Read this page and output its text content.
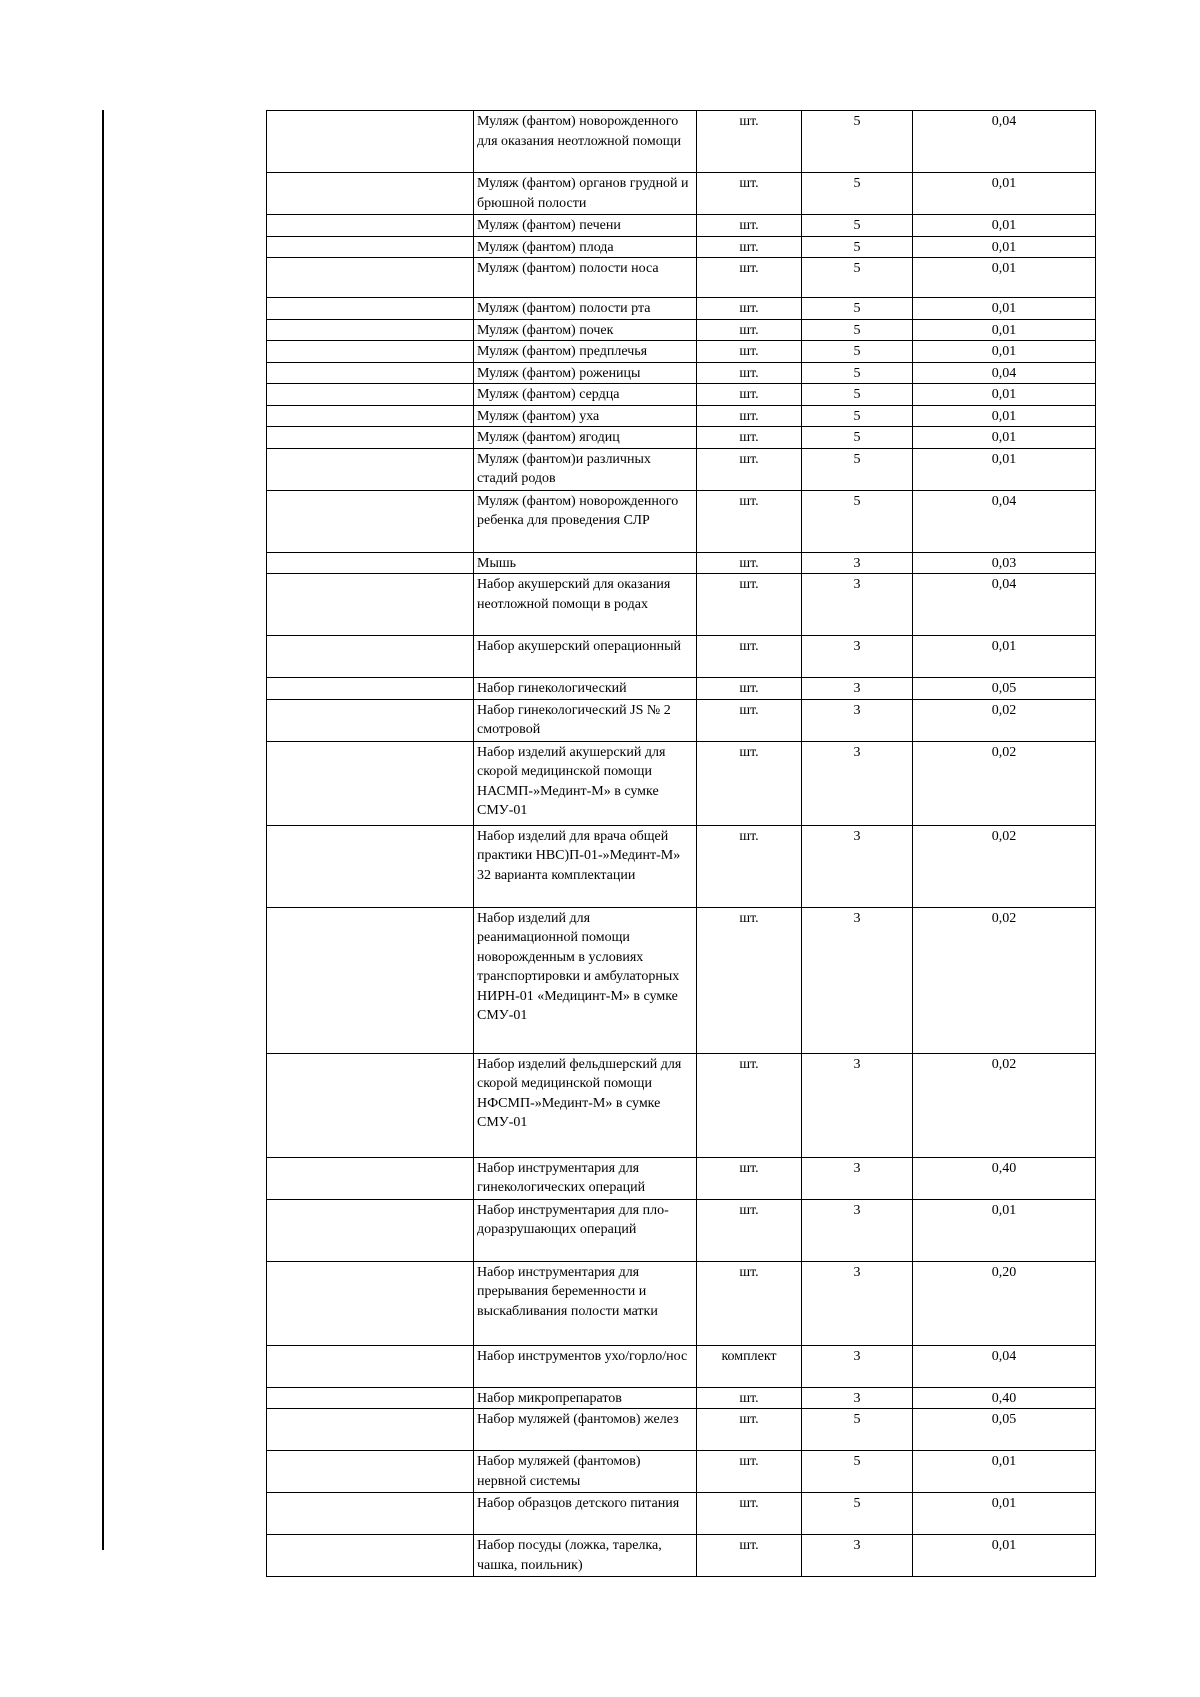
	Муляж (фантом) новорожденного для оказания неотложной помощи	шт.	5	0,04
	Муляж (фантом) органов грудной и брюшной полости	шт.	5	0,01
	Муляж (фантом) печени	шт.	5	0,01
	Муляж (фантом) плода	шт.	5	0,01
	Муляж (фантом) полости носа	шт.	5	0,01
	Муляж (фантом) полости рта	шт.	5	0,01
	Муляж (фантом) почек	шт.	5	0,01
	Муляж (фантом) предплечья	шт.	5	0,01
	Муляж (фантом) роженицы	шт.	5	0,04
	Муляж (фантом) сердца	шт.	5	0,01
	Муляж (фантом) уха	шт.	5	0,01
	Муляж (фантом) ягодиц	шт.	5	0,01
	Муляж (фантом)и различных стадий родов	шт.	5	0,01
	Муляж (фантом) новорожденного ребенка для проведения СЛР	шт.	5	0,04
	Мышь	шт.	3	0,03
	Набор акушерский для оказания неотложной помощи в родах	шт.	3	0,04
	Набор акушерский операционный	шт.	3	0,01
	Набор гинекологический	шт.	3	0,05
	Набор гинекологический JS № 2 смотровой	шт.	3	0,02
	Набор изделий акушерский для скорой медицинской помощи НАСМП-»Мединт-М» в сумке СМУ-01	шт.	3	0,02
	Набор изделий для врача общей практики НВС)П-01-»Мединт-М» 32 варианта комплектации	шт.	3	0,02
	Набор изделий для реанимационной помощи новорожденным в условиях транспортировки и амбулаторных НИРН-01 «Медицинт-М» в сумке СМУ-01	шт.	3	0,02
	Набор изделий фельдшерский для скорой медицинской помощи НФСМП-»Мединт-М» в сумке СМУ-01	шт.	3	0,02
	Набор инструментария для гинекологических операций	шт.	3	0,40
	Набор инструментария для пло-доразрушающих операций	шт.	3	0,01
	Набор инструментария для прерывания беременности и выскабливания полости матки	шт.	3	0,20
	Набор инструментов ухо/горло/нос	комплект	3	0,04
	Набор микропрепаратов	шт.	3	0,40
	Набор муляжей (фантомов) желез	шт.	5	0,05
	Набор муляжей (фантомов) нервной системы	шт.	5	0,01
	Набор образцов детского питания	шт.	5	0,01
	Набор посуды (ложка, тарелка, чашка, поильник)	шт.	3	0,01
